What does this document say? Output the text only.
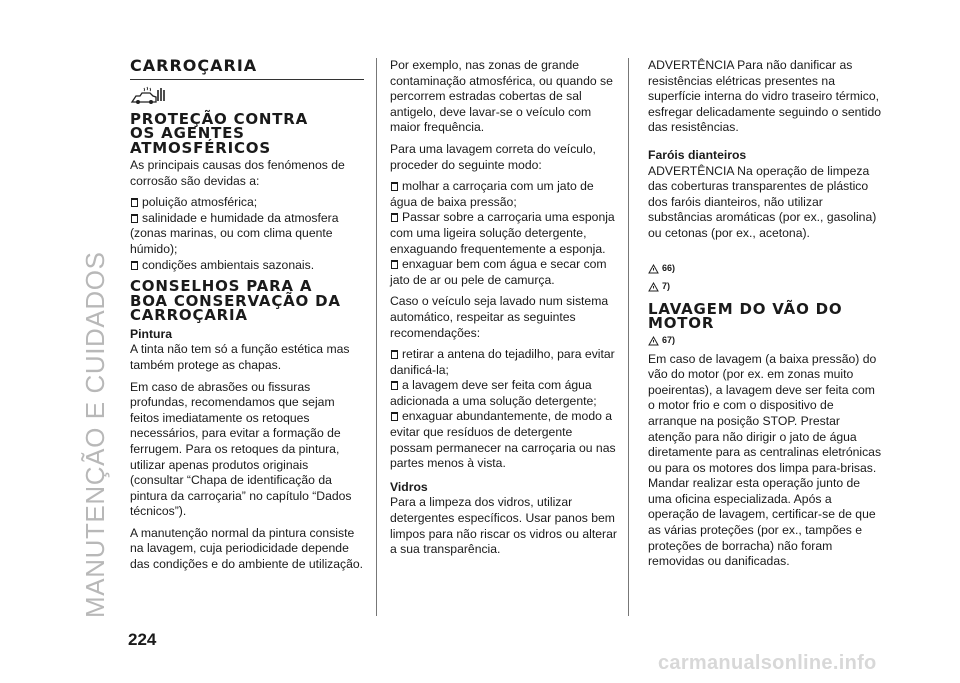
MANUTENÇÃO E CUIDADOS
224
carmanualsonline.info
CARROÇARIA
PROTEÇÃO CONTRA
OS AGENTES
ATMOSFÉRICOS

As principais causas dos fenómenos de corrosão são devidas a:

poluição atmosférica;
salinidade e humidade da atmosfera (zonas marinas, ou com clima quente húmido);
condições ambientais sazonais.
CONSELHOS PARA A
BOA CONSERVAÇÃO DA
CARROÇARIA
Pintura

A tinta não tem só a função estética mas também protege as chapas.

Em caso de abrasões ou fissuras profundas, recomendamos que sejam feitos imediatamente os retoques necessários, para evitar a formação de ferrugem. Para os retoques da pintura, utilizar apenas produtos originais (consultar “Chapa de identificação da pintura da carroçaria” no capítulo “Dados técnicos”).

A manutenção normal da pintura consiste na lavagem, cuja periodicidade depende das condições e do ambiente de utilização.

Por exemplo, nas zonas de grande contaminação atmosférica, ou quando se percorrem estradas cobertas de sal antigelo, deve lavar-se o veículo com maior frequência.

Para uma lavagem correta do veículo, proceder do seguinte modo:

molhar a carroçaria com um jato de água de baixa pressão;
Passar sobre a carroçaria uma esponja com uma ligeira solução detergente, enxaguando frequentemente a esponja.
enxaguar bem com água e secar com jato de ar ou pele de camurça.

Caso o veículo seja lavado num sistema automático, respeitar as seguintes recomendações:

retirar a antena do tejadilho, para evitar danificá-la;
a lavagem deve ser feita com água adicionada a uma solução detergente;
enxaguar abundantemente, de modo a evitar que resíduos de detergente possam permanecer na carroçaria ou nas partes menos à vista.
Vidros

Para a limpeza dos vidros, utilizar detergentes específicos. Usar panos bem limpos para não riscar os vidros ou alterar a sua transparência.

ADVERTÊNCIA Para não danificar as resistências elétricas presentes na superfície interna do vidro traseiro térmico, esfregar delicadamente seguindo o sentido das resistências.

Faróis dianteiros

ADVERTÊNCIA Na operação de limpeza das coberturas transparentes de plástico dos faróis dianteiros, não utilizar substâncias aromáticas (por ex., gasolina) ou cetonas (por ex., acetona).

66)
7)
LAVAGEM DO VÃO DO
MOTOR
67)

Em caso de lavagem (a baixa pressão) do vão do motor (por ex. em zonas muito poeirentas), a lavagem deve ser feita com o motor frio e com o dispositivo de arranque na posição STOP. Prestar atenção para não dirigir o jato de água diretamente para as centralinas eletrónicas ou para os motores dos limpa para-brisas. Mandar realizar esta operação junto de uma oficina especializada. Após a operação de lavagem, certificar-se de que as várias proteções (por ex., tampões e proteções de borracha) não foram removidas ou danificadas.
